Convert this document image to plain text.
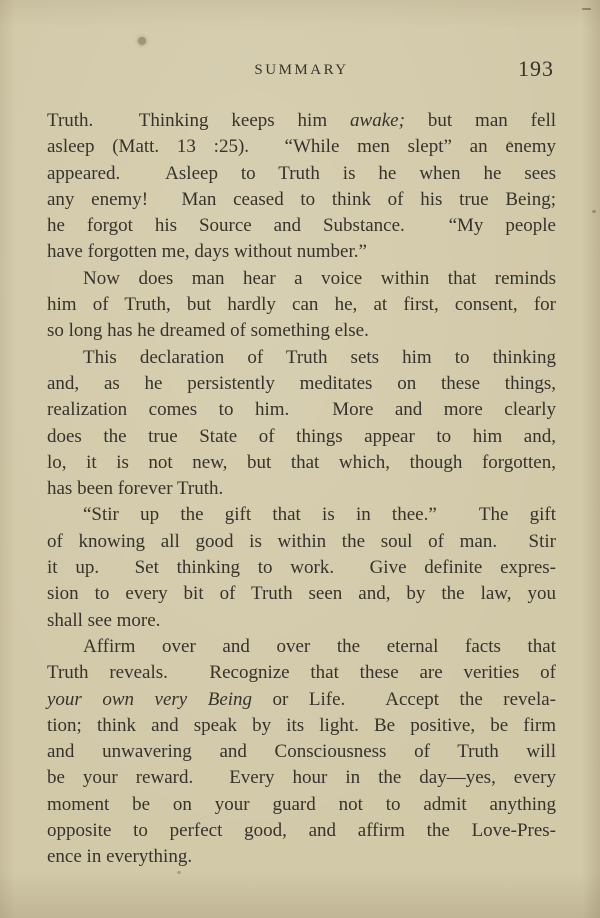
SUMMARY	193
Truth.  Thinking keeps him awake; but man fell
asleep (Matt. 13 :25).  “While men slept” an enemy
appeared.  Asleep to Truth is he when he sees
any enemy!  Man ceased to think of his true Being;
he forgot his Source and Substance.  “My people
have forgotten me, days without number.”
Now does man hear a voice within that reminds
him of Truth, but hardly can he, at first, consent, for
so long has he dreamed of something else.
This declaration of Truth sets him to thinking
and, as he persistently meditates on these things,
realization comes to him.  More and more clearly
does the true State of things appear to him and,
lo, it is not new, but that which, though forgotten,
has been forever Truth.
“Stir up the gift that is in thee.”  The gift
of knowing all good is within the soul of man.  Stir
it up.  Set thinking to work.  Give definite expres-
sion to every bit of Truth seen and, by the law, you
shall see more.
Affirm over and over the eternal facts that
Truth reveals.  Recognize that these are verities of
your own very Being or Life.  Accept the revela-
tion; think and speak by its light. Be positive, be firm
and unwavering and Consciousness of Truth will
be your reward.  Every hour in the day—yes, every
moment be on your guard not to admit anything
opposite to perfect good, and affirm the Love-Pres-
ence in everything.
